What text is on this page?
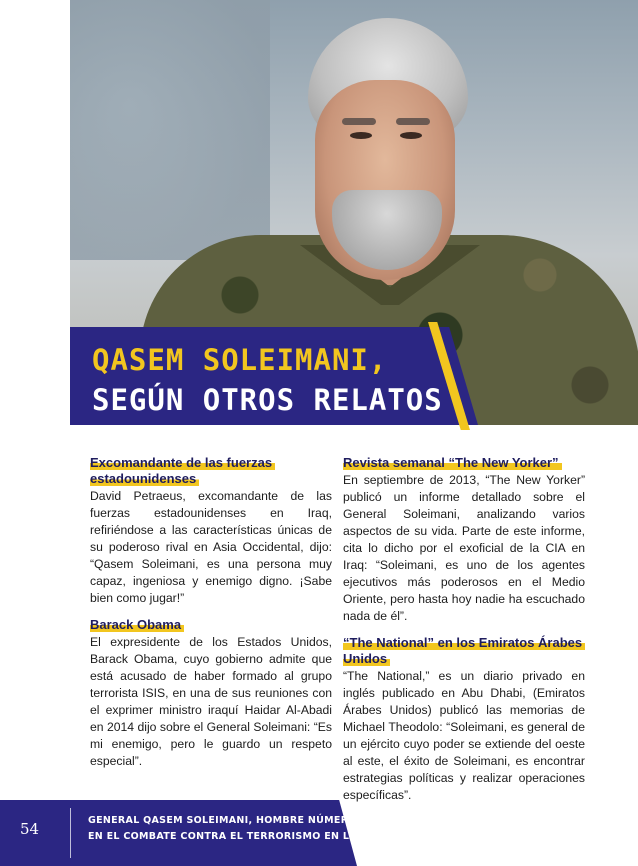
QASEM SOLEIMANI,
SEGÚN OTROS RELATOS
Excomandante de las fuerzas estadounidenses

David Petraeus, excomandante de las fuerzas estadounidenses en Iraq, refiriéndose a las características únicas de su poderoso rival en Asia Occidental, dijo: “Qasem Soleimani, es una persona muy capaz, ingeniosa y enemigo digno. ¡Sabe bien como jugar!”

Barack Obama

El expresidente de los Estados Unidos, Barack Obama, cuyo gobierno admite que está acusado de haber formado al grupo terrorista ISIS, en una de sus reuniones con el exprimer ministro iraquí Haidar Al-Abadi en 2014 dijo sobre el General Soleimani: “Es mi enemigo, pero le guardo un respeto especial”.

Revista semanal “The New Yorker”

En septiembre de 2013, “The New Yorker” publicó un informe detallado sobre el General Soleimani, analizando varios aspectos de su vida. Parte de este informe, cita lo dicho por el exoficial de la CIA en Iraq: “Soleimani, es uno de los agentes ejecutivos más poderosos en el Medio Oriente, pero hasta hoy nadie ha escuchado nada de él”.

“The National” en los Emiratos Árabes Unidos

“The National,” es un diario privado en inglés publicado en Abu Dhabi, (Emiratos Árabes Unidos) publicó las memorias de Michael Theodolo: “Soleimani, es general de un ejército cuyo poder se extiende del oeste al este, el éxito de Soleimani, es encontrar estrategias políticas y realizar operaciones específicas”.

54	GENERAL QASEM SOLEIMANI, HOMBRE NÚMERO UNO
EN EL COMBATE CONTRA EL TERRORISMO EN LA REGIÓN
